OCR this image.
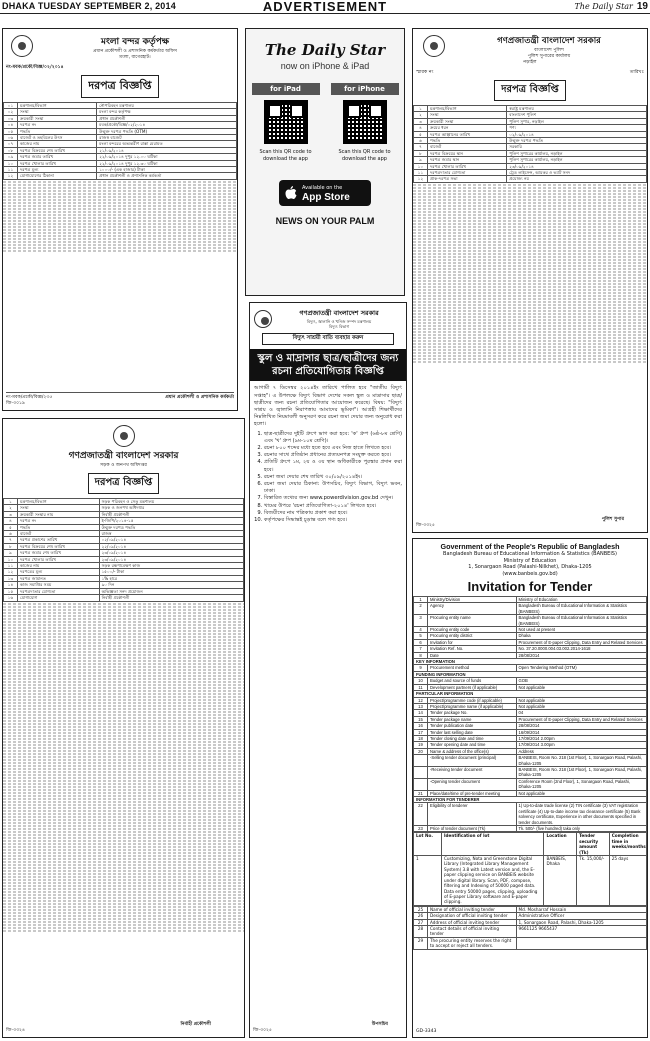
DHAKA TUESDAY SEPTEMBER 2, 2014	ADVERTISEMENT	The Daily Star 19
মংলা বন্দর কর্তৃপক্ষ
প্রধান প্রকৌশলী ও প্রশাসনিক কর্মকর্তার অফিস
মংলা, বাগেরহাট।
নং-মবক/প্রকৌ/বিজ্ঞ/০২/২০১৪
দরপত্র বিজ্ঞপ্তি
০১	মন্ত্রণালয়/বিভাগ	নৌপরিবহন মন্ত্রণালয়
০২	সংস্থা	মংলা বন্দর কর্তৃপক্ষ
০৩	ক্রয়কারী সংস্থা	প্রধান প্রকৌশলী
০৪	দরপত্র নং	মবক/প্রকৌ/বিজ্ঞ/০২/২০১৪
০৫	পদ্ধতি	উন্মুক্ত দরপত্র পদ্ধতি (OTM)
০৬	বাজেট ও তহবিলের উৎস	রাজস্ব বাজেট
০৭	কাজের নাম	মংলা বন্দরের অভ্যন্তরীণ রাস্তা মেরামত
০৮	দরপত্র বিক্রয়ের শেষ তারিখ	২১/০৯/২০১৪
০৯	দরপত্র জমার তারিখ	২২/০৯/২০১৪ দুপুর ১২.০০ ঘটিকা
১০	দরপত্র খোলার তারিখ	২২/০৯/২০১৪ দুপুর ১২.৩০ ঘটিকা
১১	দরপত্র মূল্য	১০০০/- (এক হাজার) টাকা
১২	যোগাযোগের ঠিকানা	প্রধান প্রকৌশলী ও প্রশাসনিক কর্মকর্তা
নং-মবক/প্রকৌ/বিজ্ঞ/২৩৫	প্রধান প্রকৌশলী ও প্রশাসনিক কর্মকর্তা
জি-৩০১৯
The Daily Star
now on iPhone & iPad
for iPad
Scan this QR code to download the app
for iPhone
Scan this QR code to download the app
Available on the
App Store
NEWS ON YOUR PALM
গণপ্রজাতন্ত্রী বাংলাদেশ সরকার
বাংলাদেশ পুলিশ
পুলিশ সুপারের কার্যালয়
নড়াইল
স্মারক নং	তারিখঃ
দরপত্র বিজ্ঞপ্তি
১	মন্ত্রণালয়/বিভাগ	স্বরাষ্ট্র মন্ত্রণালয়
২	সংস্থা	বাংলাদেশ পুলিশ
৩	ক্রয়কারী সংস্থা	পুলিশ সুপার, নড়াইল
৪	ক্রয়ের ধরন	পণ্য
৫	দরপত্র আহ্বানের তারিখ	০২/০৯/২০১৪
৬	পদ্ধতি	উন্মুক্ত দরপত্র পদ্ধতি
৭	বাজেট	সরকারি
৮	দরপত্র বিক্রয়ের স্থান	পুলিশ সুপারের কার্যালয়, নড়াইল
৯	দরপত্র জমার স্থান	পুলিশ সুপারের কার্যালয়, নড়াইল
১০	দরপত্র খোলার তারিখ	২৩/০৯/২০১৪
১১	দরপত্রদাতার যোগ্যতা	ট্রেড লাইসেন্স, আয়কর ও ভ্যাট সনদ
১২	প্রাক-দরপত্র সভা	প্রযোজ্য নয়
পুলিশ সুপার
জি-৩৩২৫
গণপ্রজাতন্ত্রী বাংলাদেশ সরকার
সড়ক ও জনপথ অধিদপ্তর
দরপত্র বিজ্ঞপ্তি
১	মন্ত্রণালয়/বিভাগ	সড়ক পরিবহন ও সেতু মন্ত্রণালয়
২	সংস্থা	সড়ক ও জনপথ অধিদপ্তর
৩	ক্রয়কারী সংস্থার নাম	নির্বাহী প্রকৌশলী
৪	দরপত্র নং	ই-জিপি/২০১৪-১৫
৫	পদ্ধতি	উন্মুক্ত দরপত্র পদ্ধতি
৬	বাজেট	রাজস্ব
৭	দরপত্র প্রকাশের তারিখ	০২/০৯/২০১৪
৮	দরপত্র বিক্রয়ের শেষ তারিখ	২২/০৯/২০১৪
৯	দরপত্র জমার শেষ তারিখ	২৩/০৯/২০১৪
১০	দরপত্র খোলার তারিখ	২৩/০৯/২০১৪
১১	কাজের নাম	সড়ক রক্ষণাবেক্ষণ কাজ
১২	দরপত্রের মূল্য	১৫০০/- টাকা
১৩	দরপত্র জামানত	১% হারে
১৪	কাজ সমাপ্তির সময়	৯০ দিন
১৫	দরপত্রদাতার যোগ্যতা	অভিজ্ঞতা সনদ প্রয়োজন
১৬	যোগাযোগ	নির্বাহী প্রকৌশলী
নির্বাহী প্রকৌশলী
জি-৩৩২৪
গণপ্রজাতন্ত্রী বাংলাদেশ সরকার
বিদ্যুৎ, জ্বালানি ও খনিজ সম্পদ মন্ত্রণালয়
বিদ্যুৎ বিভাগ
বিদ্যুৎ সাশ্রয়ী বাতি ব্যবহার করুন
স্কুল ও মাদ্রাসার ছাত্র/ছাত্রীদের জন্য রচনা প্রতিযোগিতার বিজ্ঞপ্তি
আগামী ৭ ডিসেম্বর ২০১৪ইং তারিখে পালিত হবে "জাতীয় বিদ্যুৎ সপ্তাহ"। এ উপলক্ষে বিদ্যুৎ বিভাগ দেশের সকল স্কুল ও মাদ্রাসার ছাত্র/ছাত্রীদের জন্য রচনা প্রতিযোগিতার আয়োজন করেছে। বিষয়: "বিদ্যুৎ সাশ্রয় ও জ্বালানি নিরাপত্তায় আমাদের ভূমিকা"। আগ্রহী শিক্ষার্থীদের নিম্নলিখিত নিয়মাবলী অনুসরণ করে রচনা জমা দেয়ার জন্য অনুরোধ করা হলো।
1. ছাত্র-ছাত্রীদের দুইটি গ্রুপে ভাগ করা হবে: 'ক' গ্রুপ (৬ষ্ঠ-৮ম শ্রেণি) এবং 'খ' গ্রুপ (৯ম-১০ম শ্রেণি)।
2. রচনা ৮০০ শব্দের মধ্যে হতে হবে এবং নিজ হাতে লিখতে হবে।
3. রচনার সাথে প্রতিষ্ঠান প্রধানের প্রত্যয়নপত্র সংযুক্ত করতে হবে।
4. প্রতিটি গ্রুপে ১ম, ২য় ও ৩য় স্থান অধিকারীকে পুরস্কার প্রদান করা হবে।
5. রচনা জমা দেয়ার শেষ তারিখ ৩০/০৯/২০১৪ইং।
6. রচনা জমা দেয়ার ঠিকানা: উপসচিব, বিদ্যুৎ বিভাগ, বিদ্যুৎ ভবন, ঢাকা।
7. বিস্তারিত তথ্যের জন্য www.powerdivision.gov.bd দেখুন।
8. খামের উপরে 'রচনা প্রতিযোগিতা-২০১৪' লিখতে হবে।
9. বিজয়ীদের নাম পত্রিকায় প্রকাশ করা হবে।
10. কর্তৃপক্ষের সিদ্ধান্তই চূড়ান্ত বলে গণ্য হবে।
উপসচিব
জি-৩০২৫
Government of the People's Republic of Bangladesh
Bangladesh Bureau of Educational Information & Statistics (BANBEIS)
Ministry of Education
1, Sonargaon Road (Palashi-Nilkhet), Dhaka-1205
(www.banbeis.gov.bd)
Invitation for Tender
1	Ministry/Division	Ministry of Education
2	Agency	Bangladesh Bureau of Educational Information & Statistics (BANBEIS)
3	Procuring entity name	Bangladesh Bureau of Educational Information & Statistics (BANBEIS)
4	Procuring entity code	Not used at present
5	Procuring entity district	Dhaka
6	Invitation for	Procurement of E-paper Clipping, Data Entry and Related Services
7	Invitation Ref. No.	No. 37.20.0000.004.03.002.2014-1618
8	Date	28/08/2014
KEY INFORMATION		
9	Procurement method	Open Tendering Method (OTM)
FUNDING INFORMATION		
10	Budget and source of funds	GOB
11	Development partners (if applicable)	Not applicable
PARTICULAR INFORMATION		
12	Project/programme code (if applicable)	Not applicable
13	Project/programme name (if applicable)	Not applicable
14	Tender package No.	04
15	Tender package name	Procurement of E-paper Clipping, Data Entry and Related Services
16	Tender publication date	28/08/2014
17	Tender last selling date	16/09/2014
18	Tender closing date and time	17/09/2014 2.00pm
19	Tender opening date and time	17/09/2014 3.00pm
20	Name & address of the office(s)	Address
	-Selling tender document (principal)	BANBEIS, Room No. 218 (1st Floor), 1, Sonargaon Road, Palashi, Dhaka-1205
	-Receiving tender document	BANBEIS, Room No. 218 (1st Floor), 1, Sonargaon Road, Palashi, Dhaka-1205
	-Opening tender document	Conference Room (2nd Floor), 1, Sonargaon Road, Palashi, Dhaka-1205
21	Place/date/time of pre-tender meeting	Not applicable
INFORMATION FOR TENDERER		
22	Eligibility of tenderer	1) Up-to-date trade license (2) TIN certificate (3) VAT registration certificate (4) Up-to-date income tax clearance certificate (5) Bank solvency certificate, Experience in other documents specified in tender documents.
23	Price of tender document (Tk)	Tk. 500/- (five hundred) taka only
Lot No.	Identification of lot	Location	Tender security amount (Tk)	Completion time in weeks/months
1	Customizing, Nota and Greenstone Digital Library (Integrated Library Management System) 3.8 with Latest version and, the E-paper clipping service on BANBEIS website under digital library. Scan, PDF, compose, filtering and Indexing of 50000 paged data. Data entry 50000 pages, clipping, uploading of E-paper Library software and E-paper clipping.	BANBEIS, Dhaka	Tk. 15,000/-	25 days
25	Name of official inviting tender	Md. Mosharraf Hossain
26	Designation of official inviting tender	Administrative Officer
27	Address of official inviting tender	1, Sonargaon Road, Palashi, Dhaka-1205
28	Contact details of official inviting tender	9661125 9665437
29	The procuring entity reserves the right to accept or reject all tenders.	
GD-3343
